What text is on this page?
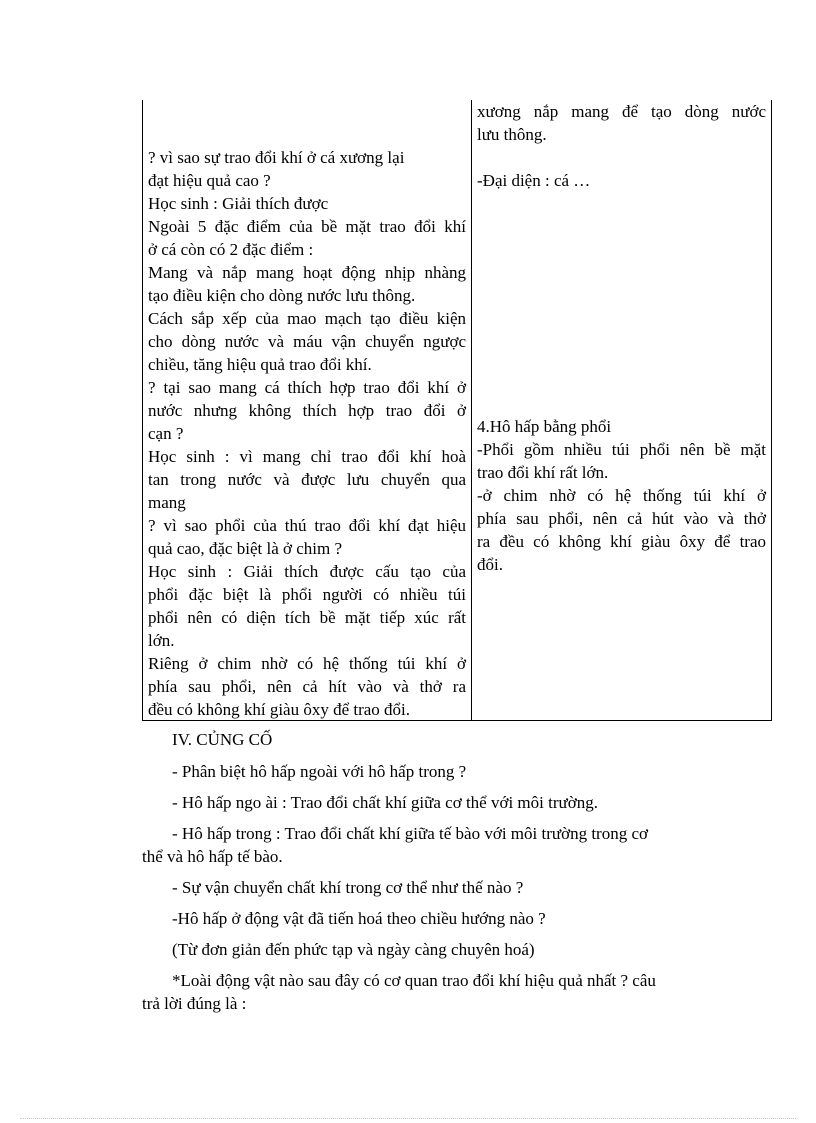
? vì sao sự trao đổi khí ở cá xương lại
đạt hiệu quả cao ?
Học sinh : Giải thích được
Ngoài 5 đặc điểm của bề mặt trao đổi khí
ở cá còn có 2 đặc điểm :
Mang và nắp mang hoạt động nhịp nhàng
tạo điều kiện cho dòng nước lưu thông.
Cách sắp xếp của mao mạch tạo điều kiện
cho dòng nước và máu vận chuyển ngược
chiều, tăng hiệu quả trao đổi khí.
? tại sao mang cá thích hợp trao đổi khí ở
nước nhưng không thích hợp trao đổi ở
cạn ?
Học sinh : vì mang chỉ trao đổi khí hoà
tan trong nước và được lưu chuyển qua
mang
? vì sao phổi của thú trao đổi khí đạt hiệu
quả cao, đặc biệt là ở chim ?
Học sinh : Giải thích được cấu tạo của
phổi đặc biệt là phổi người có nhiều túi
phổi nên có diện tích bề mặt tiếp xúc rất
lớn.
Riêng ở chim nhờ có hệ thống túi khí ở
phía sau phổi, nên cả hít vào và thở ra
đều có không khí giàu ôxy để trao đổi.
xương nắp mang để tạo dòng nước
lưu thông.
-Đại diện : cá …
4.Hô hấp bằng phổi
-Phổi gồm nhiều túi phổi nên bề mặt
trao đổi khí rất lớn.
-ở chim nhờ có hệ thống túi khí ở
phía sau phổi, nên cả hút vào và thở
ra đều có không khí giàu ôxy để trao
đổi.
IV. CỦNG CỐ
- Phân biệt hô hấp ngoài với hô hấp trong ?
- Hô hấp ngo ài : Trao đổi chất khí giữa cơ thể với môi trường.
- Hô hấp trong : Trao đổi chất khí giữa tế bào với môi trường trong cơ
thể và hô hấp tế bào.
- Sự vận chuyển chất khí trong cơ thể như thế nào ?
-Hô hấp ở động vật đã tiến hoá theo chiều hướng nào ?
(Từ đơn giản đến phức tạp và ngày càng chuyên hoá)
*Loài động vật nào sau đây có cơ quan trao đổi khí hiệu quả nhất ? câu
trả lời đúng là :
